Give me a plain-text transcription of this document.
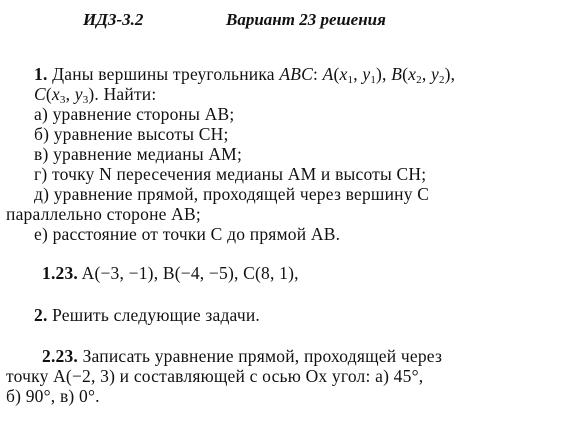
ИДЗ-3.2	Вариант 23 решения
1. Даны вершины треугольника ABC: $A(x_1$, $y_1$), $B(x_2$, $y_2$),
$C(x_3$, $y_3$). Найти:
а) уравнение стороны AB;
б) уравнение высоты CH;
в) уравнение медианы AM;
г) точку N пересечения медианы AM и высоты CH;
д) уравнение прямой, проходящей через вершину C
параллельно стороне AB;
е) расстояние от точки C до прямой AB.
1.23. A(−3, −1), B(−4, −5), C(8, 1),
2. Решить следующие задачи.
2.23. Записать уравнение прямой, проходящей через
точку A(−2, 3) и составляющей с осью Ox угол: а) 45°,
б) 90°, в) 0°.
